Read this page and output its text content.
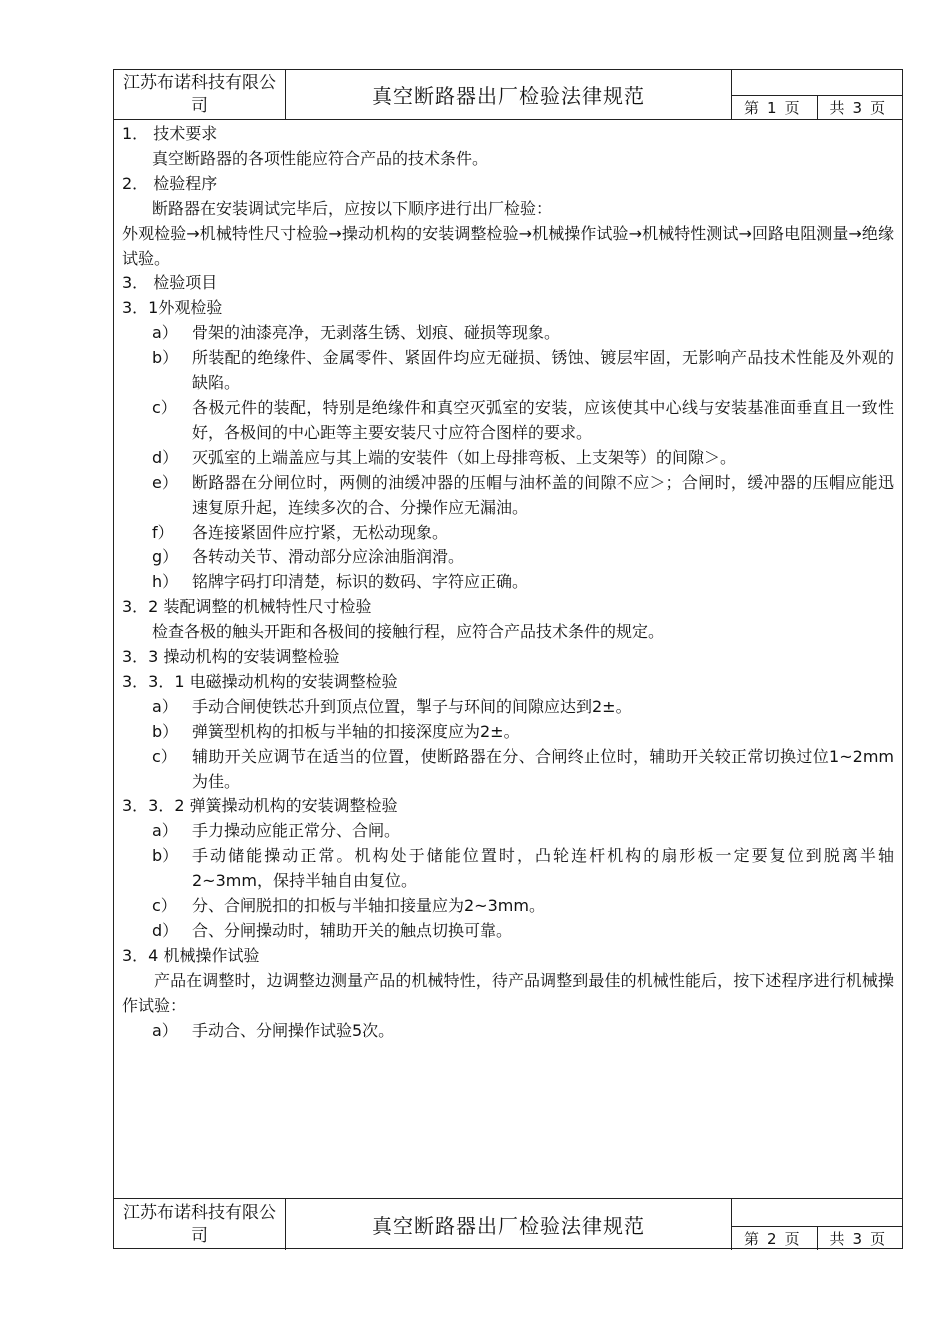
江苏布诺科技有限公司	真空断路器出厂检验法律规范	第 1 页 共 3 页
1． 技术要求
真空断路器的各项性能应符合产品的技术条件。
2． 检验程序
断路器在安装调试完毕后，应按以下顺序进行出厂检验：
外观检验→机械特性尺寸检验→操动机构的安装调整检验→机械操作试验→机械特性测试→回路电阻测量→绝缘试验。
3． 检验项目
3．1外观检验
a） 骨架的油漆亮净，无剥落生锈、划痕、碰损等现象。
b） 所装配的绝缘件、金属零件、紧固件均应无碰损、锈蚀、镀层牢固，无影响产品技术性能及外观的缺陷。
c） 各极元件的装配，特别是绝缘件和真空灭弧室的安装，应该使其中心线与安装基准面垂直且一致性好，各极间的中心距等主要安装尺寸应符合图样的要求。
d） 灭弧室的上端盖应与其上端的安装件（如上母排弯板、上支架等）的间隙＞。
e） 断路器在分闸位时，两侧的油缓冲器的压帽与油杯盖的间隙不应＞；合闸时，缓冲器的压帽应能迅速复原升起，连续多次的合、分操作应无漏油。
f）	各连接紧固件应拧紧，无松动现象。
g） 各转动关节、滑动部分应涂油脂润滑。
h） 铭牌字码打印清楚，标识的数码、字符应正确。
3．2 装配调整的机械特性尺寸检验
检查各极的触头开距和各极间的接触行程，应符合产品技术条件的规定。
3．3 操动机构的安装调整检验
3．3．1 电磁操动机构的安装调整检验
a） 手动合闸使铁芯升到顶点位置，掣子与环间的间隙应达到2±。
b） 弹簧型机构的扣板与半轴的扣接深度应为2±。
c） 辅助开关应调节在适当的位置，使断路器在分、合闸终止位时，辅助开关较正常切换过位1~2mm为佳。
3．3．2 弹簧操动机构的安装调整检验
a） 手力操动应能正常分、合闸。
b） 手动储能操动正常。机构处于储能位置时，凸轮连杆机构的扇形板一定要复位到脱离半轴2~3mm，保持半轴自由复位。
c） 分、合闸脱扣的扣板与半轴扣接量应为2~3mm。
d） 合、分闸操动时，辅助开关的触点切换可靠。
3．4 机械操作试验
产品在调整时，边调整边测量产品的机械特性，待产品调整到最佳的机械性能后，按下述程序进行机械操作试验：
a） 手动合、分闸操作试验5次。
江苏布诺科技有限公司	真空断路器出厂检验法律规范
第 2 页 共 3 页
